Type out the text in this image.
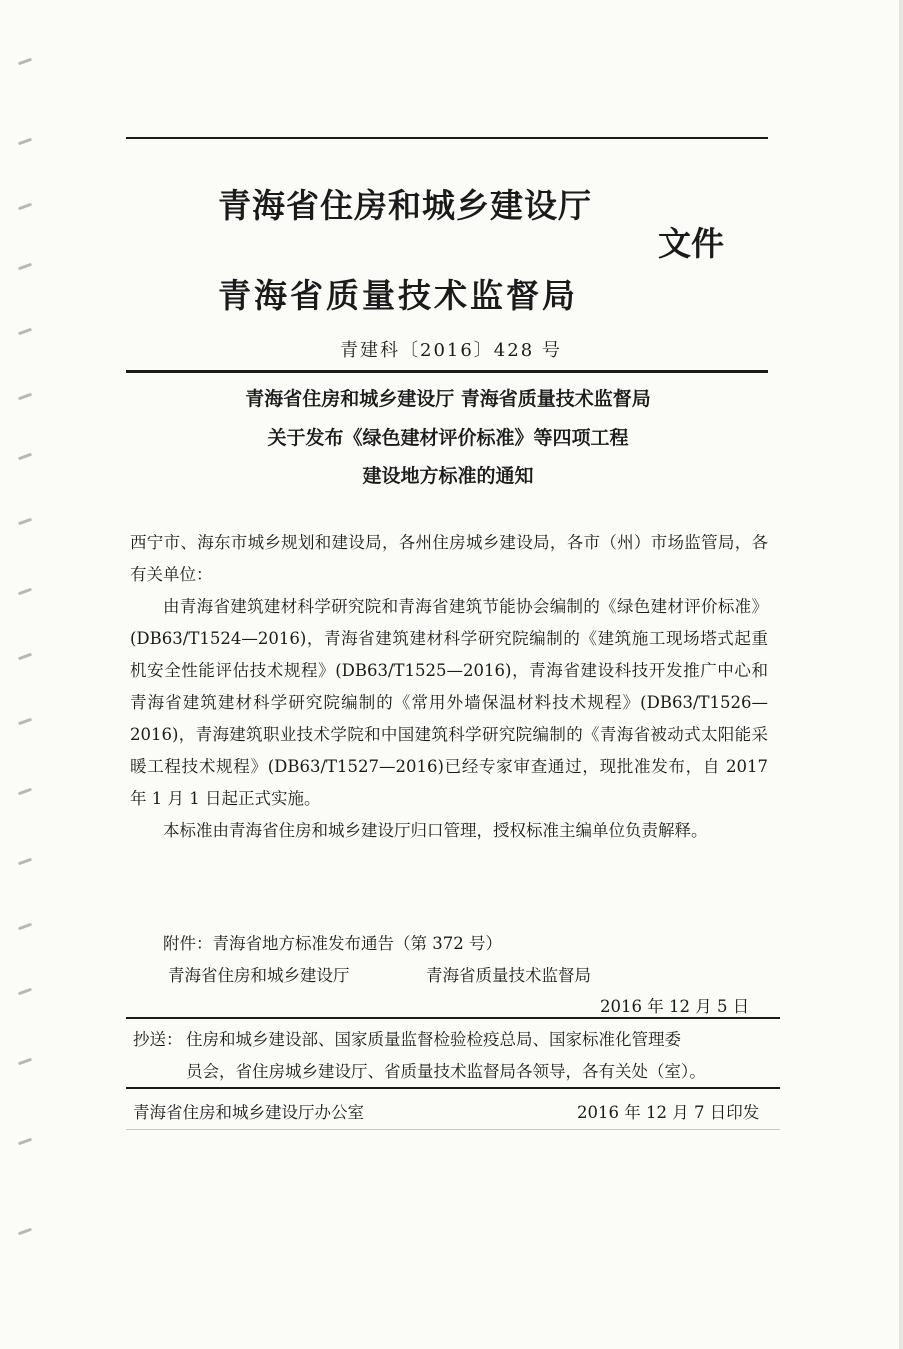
青海省住房和城乡建设厅
文件
青海省质量技术监督局
青建科〔2016〕428 号
青海省住房和城乡建设厅 青海省质量技术监督局
关于发布《绿色建材评价标准》等四项工程
建设地方标准的通知

西宁市、海东市城乡规划和建设局，各州住房城乡建设局，各市（州）市场监管局，各有关单位：

由青海省建筑建材科学研究院和青海省建筑节能协会编制的《绿色建材评价标准》(DB63/T1524—2016)，青海省建筑建材科学研究院编制的《建筑施工现场塔式起重机安全性能评估技术规程》(DB63/T1525—2016)，青海省建设科技开发推广中心和青海省建筑建材科学研究院编制的《常用外墙保温材料技术规程》(DB63/T1526—2016)，青海建筑职业技术学院和中国建筑科学研究院编制的《青海省被动式太阳能采暖工程技术规程》(DB63/T1527—2016)已经专家审查通过，现批准发布，自 2017 年 1 月 1 日起正式实施。

本标准由青海省住房和城乡建设厅归口管理，授权标准主编单位负责解释。

附件：青海省地方标准发布通告（第 372 号）
青海省住房和城乡建设厅	青海省质量技术监督局
2016 年 12 月 5 日
抄送： 住房和城乡建设部、国家质量监督检验检疫总局、国家标准化管理委
员会，省住房城乡建设厅、省质量技术监督局各领导，各有关处（室）。
青海省住房和城乡建设厅办公室	2016 年 12 月 7 日印发
